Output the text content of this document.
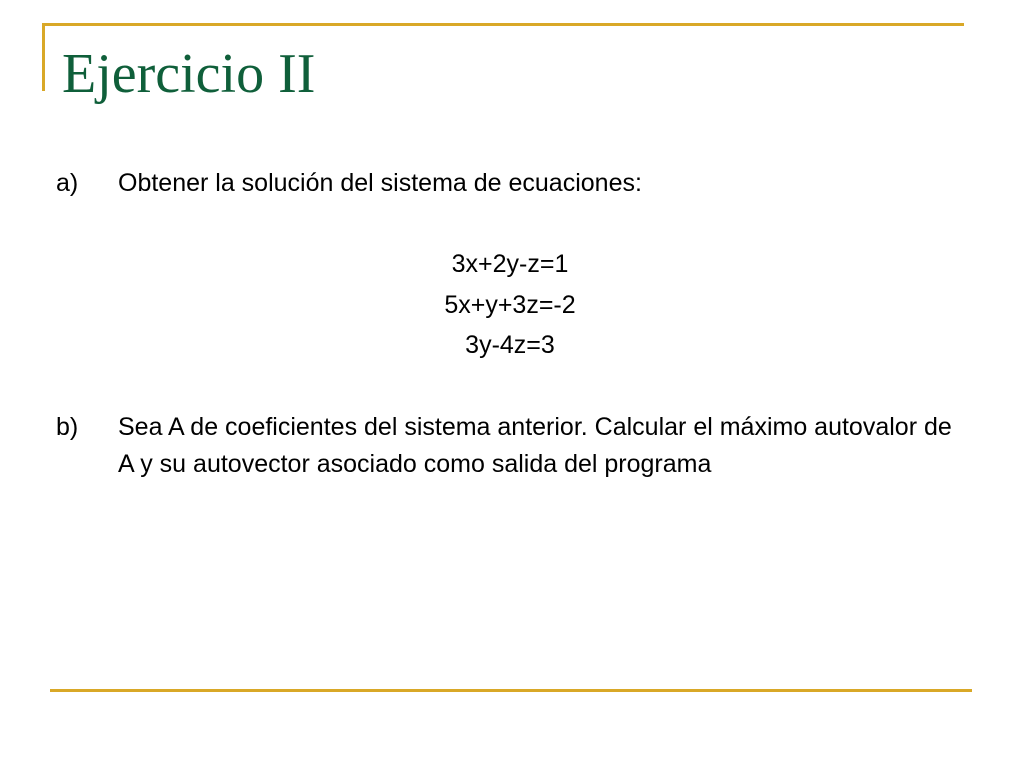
Ejercicio II
a) Obtener la solución del sistema de ecuaciones:
3x+2y-z=1
5x+y+3z=-2
3y-4z=3
b) Sea A de coeficientes del sistema anterior. Calcular el máximo autovalor de A y su autovector asociado como salida del programa
